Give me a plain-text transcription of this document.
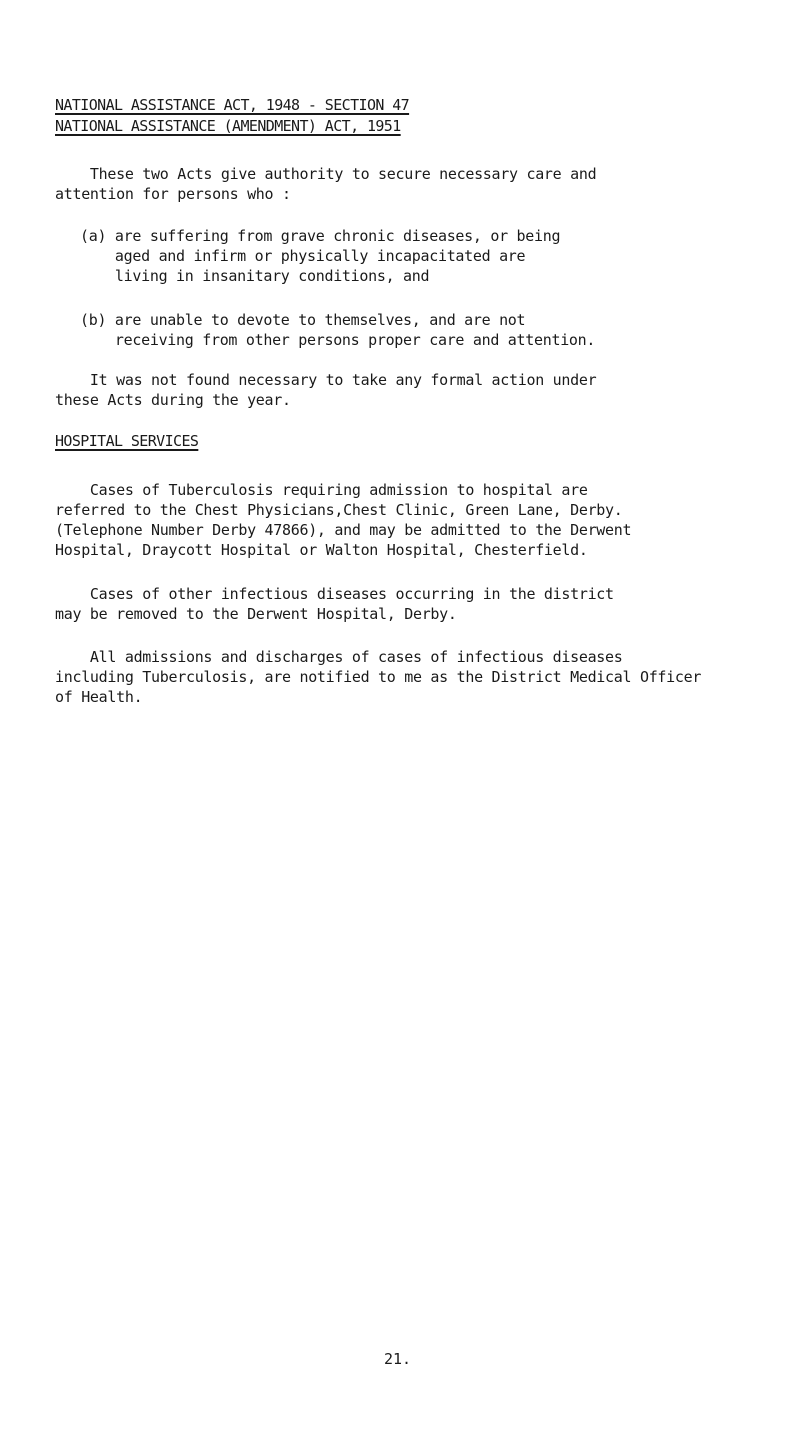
NATIONAL ASSISTANCE ACT, 1948 - SECTION 47
NATIONAL ASSISTANCE (AMENDMENT) ACT, 1951
These two Acts give authority to secure necessary care and
attention for persons who :
(a) are suffering from grave chronic diseases, or being
aged and infirm or physically incapacitated are
living in insanitary conditions, and
(b) are unable to devote to themselves, and are not
receiving from other persons proper care and attention.
It was not found necessary to take any formal action under
these Acts during the year.
HOSPITAL SERVICES
Cases of Tuberculosis requiring admission to hospital are
referred to the Chest Physicians,Chest Clinic, Green Lane, Derby.
(Telephone Number Derby 47866), and may be admitted to the Derwent
Hospital, Draycott Hospital or Walton Hospital, Chesterfield.
Cases of other infectious diseases occurring in the district
may be removed to the Derwent Hospital, Derby.
All admissions and discharges of cases of infectious diseases
including Tuberculosis, are notified to me as the District Medical Officer
of Health.
21.
